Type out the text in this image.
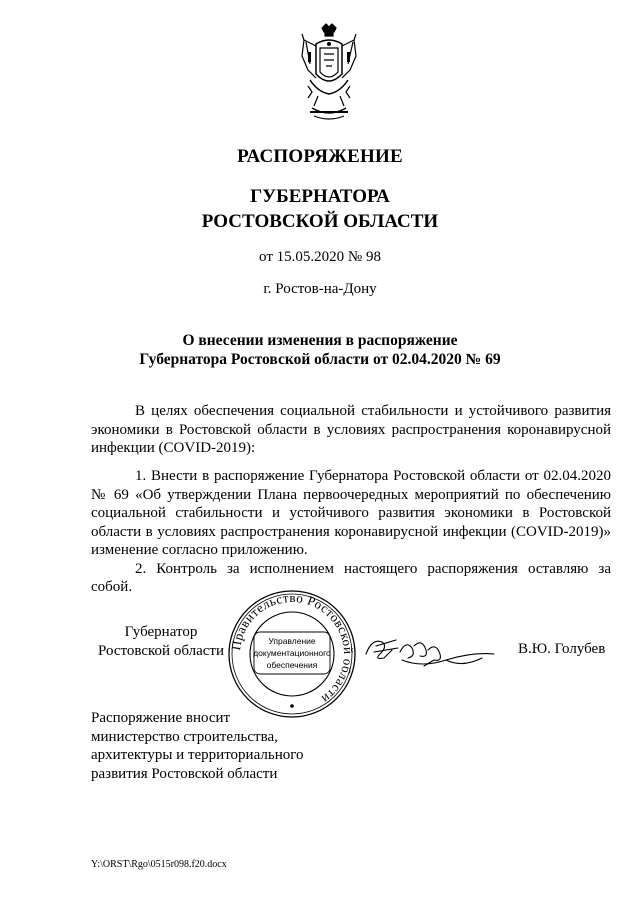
РАСПОРЯЖЕНИЕ
ГУБЕРНАТОРА
РОСТОВСКОЙ ОБЛАСТИ
от 15.05.2020 № 98
г. Ростов-на-Дону
О внесении изменения в распоряжение
Губернатора Ростовской области от 02.04.2020 № 69

В целях обеспечения социальной стабильности и устойчивого развития экономики в Ростовской области в условиях распространения коронавирусной инфекции (COVID-2019):

1. Внести в распоряжение Губернатора Ростовской области от 02.04.2020 № 69 «Об утверждении Плана первоочередных мероприятий по обеспечению социальной стабильности и устойчивого развития экономики в Ростовской области в условиях распространения коронавирусной инфекции (COVID-2019)» изменение согласно приложению.

2. Контроль за исполнением настоящего распоряжения оставляю за собой.

Губернатор
Ростовской области Правительство Ростовской области
Управление
документационного
обеспечения
В.Ю. Голубев
Распоряжение вносит
министерство строительства,
архитектуры и территориального
развития Ростовской области
Y:\ORST\Rgo\0515r098.f20.docx
